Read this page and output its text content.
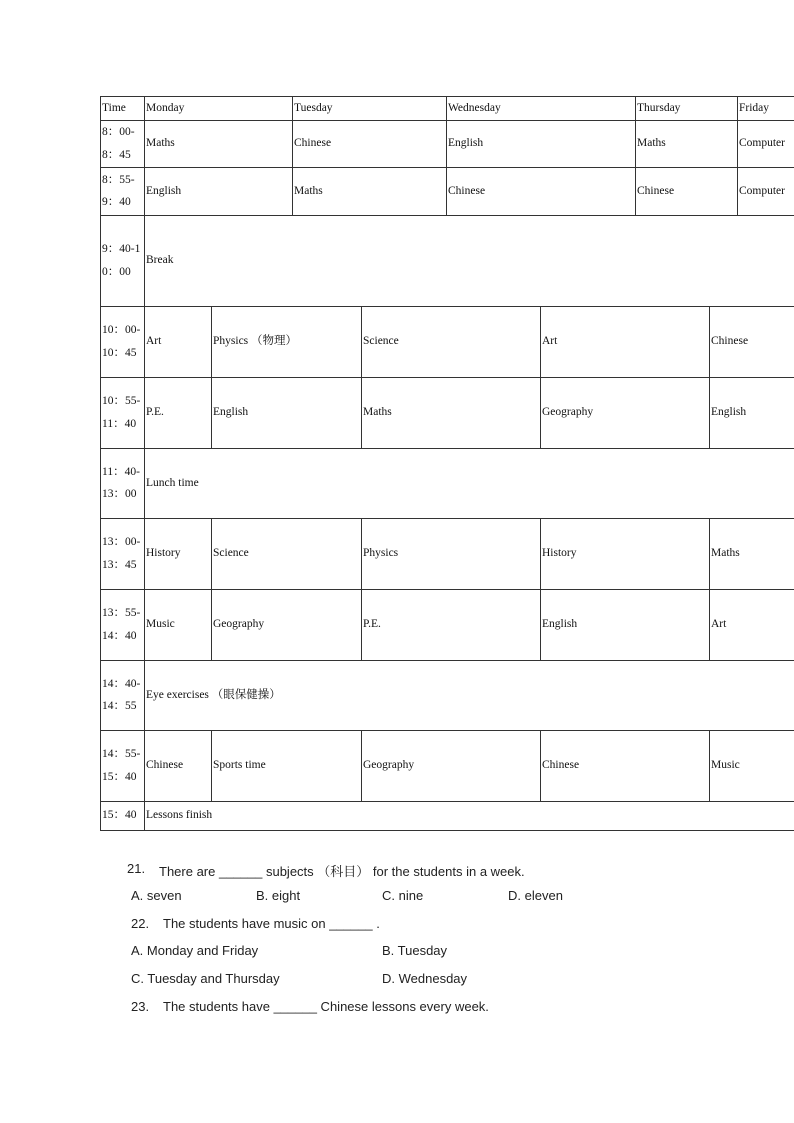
Time	Monday	Tuesday	Wednesday	Thursday	Friday
8：00-8：45
Maths	Chinese	English	Maths	Computer
8：55-9：40
English	Maths	Chinese	Chinese	Computer
9：40-10：00
Break
10：00-10：45
Art	Physics （物理）	Science	Art	Chinese
10：55-11：40
P.E.	English	Maths	Geography	English
11：40-13：00
Lunch time
13：00-13：45
History	Science	Physics	History	Maths
13：55-14：40
Music	Geography	P.E.	English	Art
14：40-14：55
Eye exercises （眼保健操）
14：55-15：40
Chinese	Sports time	Geography	Chinese	Music
15：40 Lessons finish
21. There are ______ subjects （科目） for the students in a week.
A. seven	B. eight	C. nine	D. eleven
22. The students have music on ______ .
A. Monday and Friday	B. Tuesday
C. Tuesday and Thursday	D. Wednesday
23. The students have ______ Chinese lessons every week.
